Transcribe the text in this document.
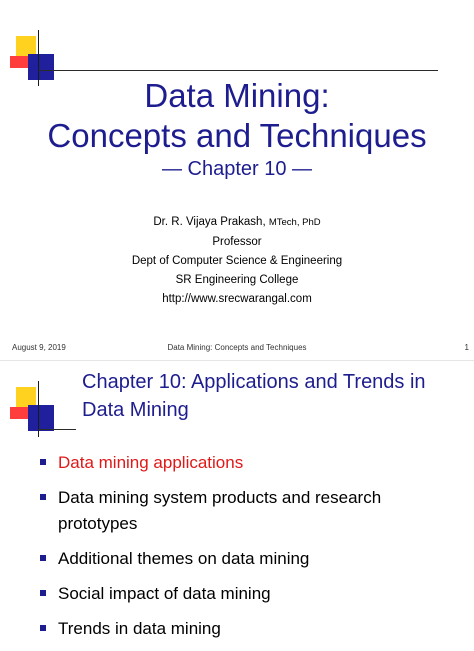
Data Mining:
Concepts and Techniques
— Chapter 10 —
Dr. R. Vijaya Prakash, MTech, PhD
Professor
Dept of Computer Science & Engineering
SR Engineering College
http://www.srecwarangal.com
August 9, 2019	Data Mining: Concepts and Techniques	1
Chapter 10: Applications and Trends in Data Mining
Data mining applications
Data mining system products and research prototypes
Additional themes on data mining
Social impact of data mining
Trends in data mining
